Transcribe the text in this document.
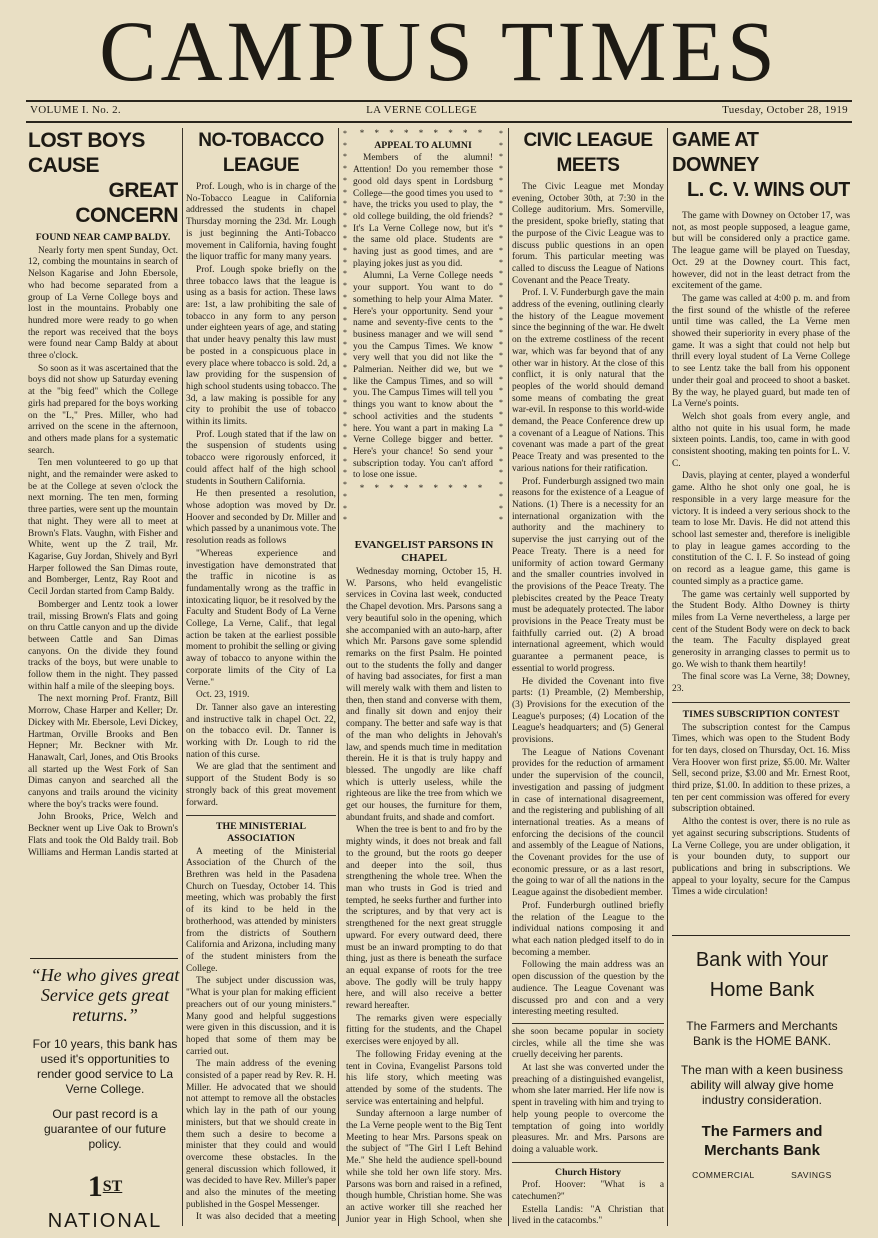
CAMPUS TIMES
VOLUME I. No. 2.	LA VERNE COLLEGE	Tuesday, October 28, 1919
LOST BOYS CAUSE
GREAT CONCERN
FOUND NEAR CAMP BALDY.

Nearly forty men spent Sunday, Oct. 12, combing the mountains in search of Nelson Kagarise and John Ebersole, who had become separated from a group of La Verne College boys and lost in the mountains. Probably one hundred more were ready to go when the report was received that the boys were found near Camp Baldy at about three o'clock.

So soon as it was ascertained that the boys did not show up Saturday evening at the "big feed" which the College girls had prepared for the boys working on the "L," Pres. Miller, who had arrived on the scene in the afternoon, and others made plans for a systematic search.

Ten men volunteered to go up that night, and the remainder were asked to be at the College at seven o'clock the next morning. The ten men, forming three parties, were sent up the mountain that night. They were all to meet at Brown's Flats. Vaughn, with Fisher and White, went up the Z trail, Mr. Kagarise, Guy Jordan, Shively and Byrl Harper followed the San Dimas route, and Bomberger, Lentz, Ray Root and Cecil Jordan started from Camp Baldy.

Bomberger and Lentz took a lower trail, missing Brown's Flats and going on thru Cattle canyon and up the divide between Cattle and San Dimas canyons. On the divide they found tracks of the boys, but were unable to follow them in the night. They passed within half a mile of the sleeping boys.

The next morning Prof. Frantz, Bill Morrow, Chase Harper and Keller; Dr. Dickey with Mr. Ebersole, Levi Dickey, Hartman, Orville Brooks and Ben Hepner; Mr. Beckner with Mr. Hanawalt, Carl, Jones, and Otis Brooks all started up the West Fork of San Dimas canyon and searched all the canyons and trails around the vicinity where the boy's tracks were found.

John Brooks, Price, Welch and Beckner went up Live Oak to Brown's Flats and took the Old Baldy trail. Bob Williams and Herman Landis started at

“He who gives great Service gets great returns.”
For 10 years, this bank has used it's opportunities to render good service to La Verne College.
Our past record is a guarantee of our future policy.
1ST
NATIONAL
NO-TOBACCO LEAGUE

Prof. Lough, who is in charge of the No-Tobacco League in California addressed the students in chapel Thursday morning the 23d. Mr. Lough is just beginning the Anti-Tobacco movement in California, having fought the liquor traffic for many many years.

Prof. Lough spoke briefly on the three tobacco laws that the league is using as a basis for action. These laws are: 1st, a law prohibiting the sale of tobacco in any form to any person under eighteen years of age, and stating that under heavy penalty this law must be posted in a conspicuous place in every place where tobacco is sold. 2d, a law providing for the suspension of high school students using tobacco. The 3d, a law making is possible for any city to prohibit the use of tobacco within its limits.

Prof. Lough stated that if the law on the suspension of students using tobacco were rigorously enforced, it could affect half of the high school students in Southern California.

He then presented a resolution, whose adoption was moved by Dr. Hoover and seconded by Dr. Miller and which passed by a unanimous vote. The resolution reads as follows

"Whereas experience and investigation have demonstrated that the traffic in nicotine is as fundamentally wrong as the traffic in intoxicating liquor, be it resolved by the Faculty and Student Body of La Verne College, La Verne, Calif., that legal action be taken at the earliest possible moment to prohibit the selling or giving away of tobacco to anyone within the corporate limits of the City of La Verne."

Oct. 23, 1919.

Dr. Tanner also gave an interesting and instructive talk in chapel Oct. 22, on the tobacco evil. Dr. Tanner is working with Dr. Lough to rid the nation of this curse.

We are glad that the sentiment and support of the Student Body is so strongly back of this great movement forward.

THE MINISTERIAL ASSOCIATION

A meeting of the Ministerial Association of the Church of the Brethren was held in the Pasadena Church on Tuesday, October 14. This meeting, which was probably the first of its kind to be held in the brotherhood, was attended by ministers from the districts of Southern California and Arizona, including many of the student ministers from the College.

The subject under discussion was, "What is your plan for making efficient preachers out of our young ministers." Many good and helpful suggestions were given in this discussion, and it is hoped that some of them may be carried out.

The main address of the evening consisted of a paper read by Rev. R. H. Miller. He advocated that we should not attempt to remove all the obstacles which lay in the path of our young ministers, but that we should create in them such a desire to become a minister that they could and would overcome these obstacles. In the general discussion which followed, it was decided to have Rev. Miller's paper and also the minutes of the meeting published in the Gospel Messenger.

It was also decided that a meeting

* * * * * * * * * * * * * * * * * * * * * * * * * * * * * * * * * *
* * * * * * * * * * * * * * * * * * * * * * * * * * * * * * * * * *
* * * * * * * * *
APPEAL TO ALUMNI

Members of the alumni! Attention! Do you remember those good old days spent in Lordsburg College—the good times you used to have, the tricks you used to play, the old college building, the old friends? It's La Verne College now, but it's the same old place. Students are having just as good times, and are playing jokes just as you did.

Alumni, La Verne College needs your support. You want to do something to help your Alma Mater. Here's your opportunity. Send your name and seventy-five cents to the business manager and we will send you the Campus Times. We know very well that you did not like the Palmerian. Neither did we, but we like the Campus Times, and so will you. The Campus Times will tell you things you want to know about the school activities and the students here. You want a part in making La Verne College bigger and better. Here's your chance! So send your subscription today. You can't afford to lose one issue.

* * * * * * * * *
EVANGELIST PARSONS IN CHAPEL

Wednesday morning, October 15, H. W. Parsons, who held evangelistic services in Covina last week, conducted the Chapel devotion. Mrs. Parsons sang a very beautiful solo in the opening, which she accompanied with an auto-harp, after which Mr. Parsons gave some splendid remarks on the first Psalm. He pointed out to the students the folly and danger of having bad associates, for first a man will merely walk with them and listen to then, then stand and converse with them, and finally sit down and enjoy their company. The better and safe way is that of the man who delights in Jehovah's law, and spends much time in meditation therein. He it is that is truly happy and blessed. The ungodly are like chaff which is utterly useless, while the righteous are like the tree from which we get our houses, the furniture for them, abundant fruits, and shade and comfort.

When the tree is bent to and fro by the mighty winds, it does not break and fall to the ground, but the roots go deeper and deeper into the soil, thus strengthening the whole tree. When the man who trusts in God is tried and tempted, he seeks further and further into the scriptures, and by that very act is strengthened for the next great struggle upward. For every outward deed, there must be an inward prompting to do that thing, just as there is beneath the surface an equal expanse of roots for the tree above. The godly will be truly happy here, and will also receive a better reward hereafter.

The remarks given were especially fitting for the students, and the Chapel exercises were enjoyed by all.

The following Friday evening at the tent in Covina, Evangelist Parsons told his life story, which meeting was attended by some of the students. The service was entertaining and helpful.

Sunday afternoon a large number of the La Verne people went to the Big Tent Meeting to hear Mrs. Parsons speak on the subject of "The Girl I Left Behind Me." She held the audience spell-bound while she told her own life story. Mrs. Parsons was born and raised in a refined, though humble, Christian home. She was an active worker till she reached her Junior year in High School, when she

CIVIC LEAGUE MEETS

The Civic League met Monday evening, October 30th, at 7:30 in the College auditorium. Mrs. Somerville, the president, spoke briefly, stating that the purpose of the Civic League was to discuss public questions in an open forum. This particular meeting was called to discuss the League of Nations Covenant and the Peace Treaty.

Prof. I. V. Funderburgh gave the main address of the evening, outlining clearly the history of the League movement since the beginning of the war. He dwelt on the extreme costliness of the recent war, which was far beyond that of any other war in history. At the close of this conflict, it is only natural that the peoples of the world should demand some means of combating the great war-evil. In response to this world-wide demand, the Peace Conference drew up a covenant of a League of Nations. This covenant was made a part of the great Peace Treaty and was presented to the various nations for their ratification.

Prof. Funderburgh assigned two main reasons for the existence of a League of Nations. (1) There is a necessity for an international organization with the authority and the machinery to supervise the just carrying out of the Peace Treaty. There is a need for uniformity of action toward Germany and the smaller countries involved in the provisions of the Peace Treaty. The plebiscites created by the Peace Treaty must be adequately protected. The labor provisions in the Peace Treaty must be faithfully carried out. (2) A broad international agreement, which would guarantee a permanent peace, is essential to world progress.

He divided the Covenant into five parts: (1) Preamble, (2) Membership, (3) Provisions for the execution of the League's purposes; (4) Location of the League's headquarters; and (5) General provisions.

The League of Nations Covenant provides for the reduction of armament under the supervision of the council, investigation and passing of judgment in case of international disagreement, and the registering and publishing of all international treaties. As a means of enforcing the decisions of the council and assembly of the League of Nations, the Covenant provides for the use of economic pressure, or as a last resort, the going to war of all the nations in the League against the disobedient member.

Prof. Funderburgh outlined briefly the relation of the League to the individual nations composing it and what each nation pledged itself to do in becoming a member.

Following the main address was an open discussion of the question by the audience. The League Covenant was discussed pro and con and a very interesting meeting resulted.

she soon became popular in society circles, while all the time she was cruelly deceiving her parents.

At last she was converted under the preaching of a distinguished evangelist, whom she later married. Her life now is spent in traveling with him and trying to help young people to overcome the temptation of going into worldly pleasures. Mr. and Mrs. Parsons are doing a valuable work.

Church History

Prof. Hoover: "What is a catechumen?"

Estella Landis: "A Christian that lived in the catacombs."

GAME AT DOWNEY
L. C. V. WINS OUT

The game with Downey on October 17, was not, as most people supposed, a league game, but will be considered only a practice game. The league game will be played on Tuesday, Oct. 29 at the Downey court. This fact, however, did not in the least detract from the excitement of the game.

The game was called at 4:00 p. m. and from the first sound of the whistle of the referee until time was called, the La Verne men showed their superiority in every phase of the game. It was a sight that could not help but thrill every loyal student of La Verne College to see Lentz take the ball from his opponent under their goal and proceed to shoot a basket. By the way, he played guard, but made ten of La Verne's points.

Welch shot goals from every angle, and altho not quite in his usual form, he made sixteen points. Landis, too, came in with good consistent shooting, making ten points for L. V. C.

Davis, playing at center, played a wonderful game. Altho he shot only one goal, he is responsible in a very large measure for the victory. It is indeed a very serious shock to the team to lose Mr. Davis. He did not attend this school last semester and, therefore is ineligible to play in league games according to the constitution of the C. I. F. So instead of going on record as a league game, this game is counted simply as a practice game.

The game was certainly well supported by the Student Body. Altho Downey is thirty miles from La Verne nevertheless, a large per cent of the Student Body were on deck to back the team. The Faculty displayed great generosity in arranging classes to permit us to go. We wish to thank them heartily!

The final score was La Verne, 38; Downey, 23.

TIMES SUBSCRIPTION CONTEST

The subscription contest for the Campus Times, which was open to the Student Body for ten days, closed on Thursday, Oct. 16. Miss Vera Hoover won first prize, $5.00. Mr. Walter Sell, second prize, $3.00 and Mr. Ernest Root, third prize, $1.00. In addition to these prizes, a ten per cent commission was offered for every subscription obtained.

Altho the contest is over, there is no rule as yet against securing subscriptions. Students of La Verne College, you are under obligation, it is your bounden duty, to support our publications and bring in subscriptions. We appeal to your loyalty, secure for the Campus Times a wide circulation!

Bank with Your Home Bank
The Farmers and Merchants Bank is the HOME BANK.
The man with a keen business ability will alway give home industry consideration.
The Farmers and Merchants Bank
COMMERCIAL	SAVINGS
